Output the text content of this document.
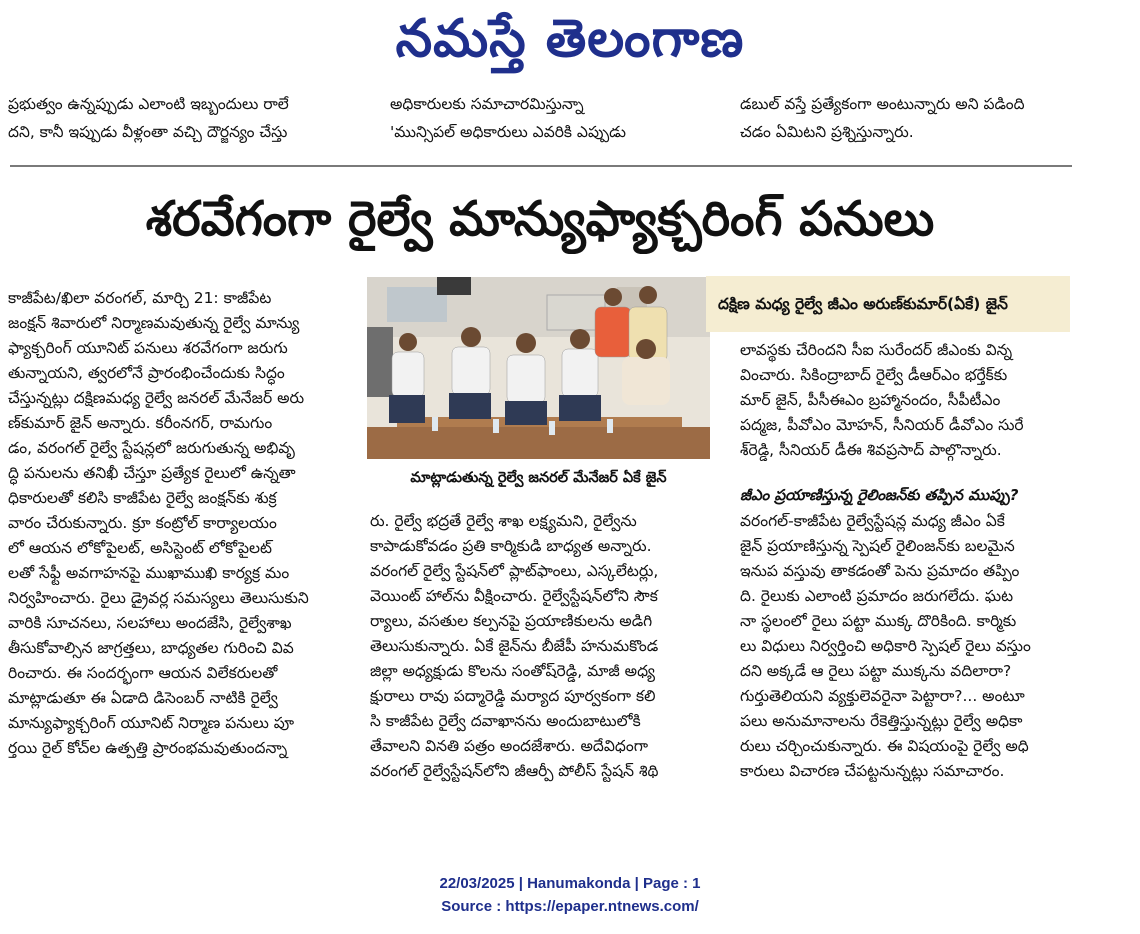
నమస్తే తెలంగాణ
ప్రభుత్వం ఉన్నప్పుడు ఎలాంటి ఇబ్బందులు రాలే
దని, కానీ ఇప్పుడు వీళ్లంతా వచ్చి దౌర్జన్యం చేస్తు
అధికారులకు సమాచారమిస్తున్నా
'మున్సిపల్ అధికారులు ఎవరికి ఎప్పుడు
డబుల్ వస్తే ప్రత్యేకంగా అంటున్నారు అని పడింది
చడం ఏమిటని ప్రశ్నిస్తున్నారు.
శరవేగంగా రైల్వే మాన్యుఫ్యాక్చరింగ్ పనులు

కాజీపేట/ఖిలా వరంగల్, మార్చి 21: కాజీపేట

జంక్షన్ శివారులో నిర్మాణమవుతున్న రైల్వే మాన్యు

ఫ్యాక్చరింగ్ యూనిట్ పనులు శరవేగంగా జరుగు

తున్నాయని, త్వరలోనే ప్రారంభించేందుకు సిద్ధం

చేస్తున్నట్లు దక్షిణమధ్య రైల్వే జనరల్ మేనేజర్ అరు

ణ్‌కుమార్ జైన్ అన్నారు. కరీంనగర్, రామగుం

డం, వరంగల్ రైల్వే స్టేషన్లలో జరుగుతున్న అభివృ

ద్ధి పనులను తనిఖీ చేస్తూ ప్రత్యేక రైలులో ఉన్నతా

ధికారులతో కలిసి కాజీపేట రైల్వే జంక్షన్‌కు శుక్ర

వారం చేరుకున్నారు. క్రూ కంట్రోల్ కార్యాలయం

లో ఆయన లోకోపైలట్, అసిస్టెంట్ లోకోపైలట్

లతో సేఫ్టీ అవగాహనపై ముఖాముఖి కార్యక్ర మం

నిర్వహించారు. రైలు డ్రైవర్ల సమస్యలు తెలుసుకుని

వారికి సూచనలు, సలహాలు అందజేసి, రైల్వేశాఖ

తీసుకోవాల్సిన జాగ్రత్తలు, బాధ్యతల గురించి వివ

రించారు. ఈ సందర్భంగా ఆయన విలేకరులతో

మాట్లాడుతూ ఈ ఏడాది డిసెంబర్ నాటికి రైల్వే

మాన్యుఫ్యాక్చరింగ్ యూనిట్ నిర్మాణ పనులు పూ

ర్తయి రైల్ కోచ్‌ల ఉత్పత్తి ప్రారంభమవుతుందన్నా

మాట్లాడుతున్న రైల్వే జనరల్ మేనేజర్ ఏకే జైన్
దక్షిణ మధ్య రైల్వే జీఎం అరుణ్‌కుమార్(ఏకే) జైన్

రు. రైల్వే భద్రతే రైల్వే శాఖ లక్ష్యమని, రైల్వేను

కాపాడుకోవడం ప్రతి కార్మికుడి బాధ్యత అన్నారు.

వరంగల్ రైల్వే స్టేషన్‌లో ప్లాట్‌ఫాంలు, ఎస్కలేటర్లు,

వెయింట్ హాల్‌ను వీక్షించారు. రైల్వేస్టేషన్‌లోని సౌక

ర్యాలు, వసతుల కల్పనపై ప్రయాణికులను అడిగి

తెలుసుకున్నారు. ఏకే జైన్‌ను బీజేపీ హనుమకొండ

జిల్లా అధ్యక్షుడు కొలను సంతోష్‌రెడ్డి, మాజీ అధ్య

క్షురాలు రావు పద్మారెడ్డి మర్యాద పూర్వకంగా కలి

సి కాజీపేట రైల్వే దవాఖానను అందుబాటులోకి

తేవాలని వినతి పత్రం అందజేశారు. అదేవిధంగా

వరంగల్ రైల్వేస్టేషన్‌లోని జీఆర్పీ పోలీస్ స్టేషన్ శిథి

లావస్థకు చేరిందని సీఐ సురేందర్ జీఎంకు విన్న

వించారు. సికింద్రాబాద్ రైల్వే డీఆర్ఎం భర్తేక్‌కు

మార్ జైన్, పీసీఈఎం బ్రహ్మానందం, సీపీటీఎం

పద్మజ, పీవోఎం మోహన్, సీనియర్ డీవోఎం సురే

శ్‌రెడ్డి, సీనియర్ డీఈ శివప్రసాద్ పాల్గొన్నారు.

జీఎం ప్రయాణిస్తున్న రైలింజన్‌కు తప్పిన ముప్పు?

వరంగల్-కాజీపేట రైల్వేస్టేషన్ల మధ్య జీఎం ఏకే

జైన్ ప్రయాణిస్తున్న స్పెషల్ రైలింజన్‌కు బలమైన

ఇనుప వస్తువు తాకడంతో పెను ప్రమాదం తప్పిం

ది. రైలుకు ఎలాంటి ప్రమాదం జరుగలేదు. ఘట

నా స్థలంలో రైలు పట్టా ముక్క దొరికింది. కార్మికు

లు విధులు నిర్వర్తించి అధికారి స్పెషల్ రైలు వస్తుం

దని అక్కడే ఆ రైలు పట్టా ముక్కను వదిలారా?

గుర్తుతెలియని వ్యక్తులెవరైనా పెట్టారా?... అంటూ

పలు అనుమానాలను రేకెత్తిస్తున్నట్లు రైల్వే అధికా

రులు చర్చించుకున్నారు. ఈ విషయంపై రైల్వే అధి

కారులు విచారణ చేపట్టనున్నట్లు సమాచారం.

22/03/2025 | Hanumakonda | Page : 1
Source : https://epaper.ntnews.com/
